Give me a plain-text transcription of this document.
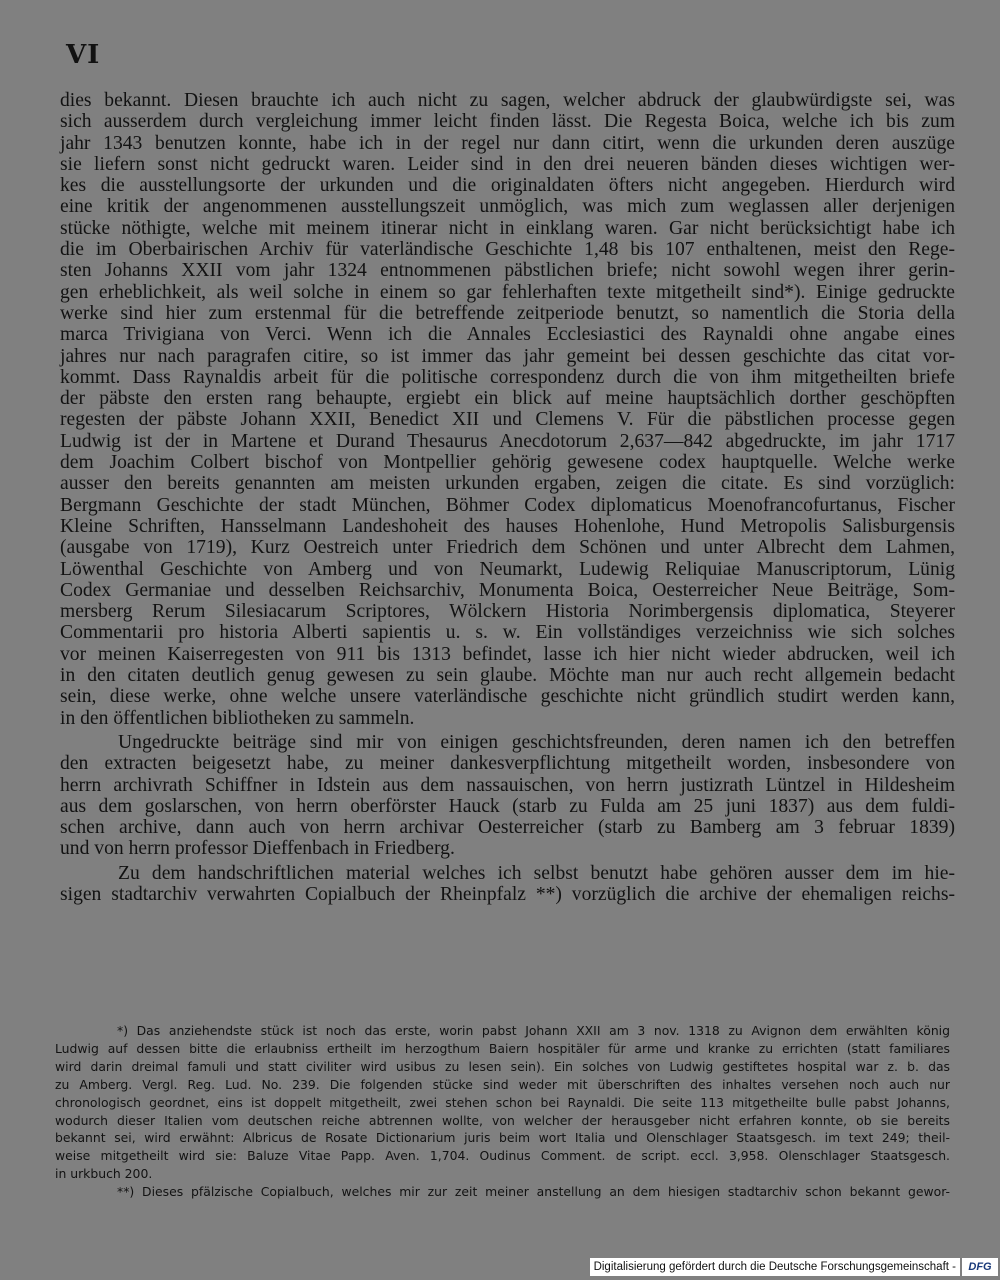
VI
dies bekannt. Diesen brauchte ich auch nicht zu sagen, welcher abdruck der glaubwürdigste sei, was
sich ausserdem durch vergleichung immer leicht finden lässt. Die Regesta Boica, welche ich bis zum
jahr 1343 benutzen konnte, habe ich in der regel nur dann citirt, wenn die urkunden deren auszüge
sie liefern sonst nicht gedruckt waren. Leider sind in den drei neueren bänden dieses wichtigen wer-
kes die ausstellungsorte der urkunden und die originaldaten öfters nicht angegeben. Hierdurch wird
eine kritik der angenommenen ausstellungszeit unmöglich, was mich zum weglassen aller derjenigen
stücke nöthigte, welche mit meinem itinerar nicht in einklang waren. Gar nicht berücksichtigt habe ich
die im Oberbairischen Archiv für vaterländische Geschichte 1,48 bis 107 enthaltenen, meist den Rege-
sten Johanns XXII vom jahr 1324 entnommenen päbstlichen briefe; nicht sowohl wegen ihrer gerin-
gen erheblichkeit, als weil solche in einem so gar fehlerhaften texte mitgetheilt sind*). Einige gedruckte
werke sind hier zum erstenmal für die betreffende zeitperiode benutzt, so namentlich die Storia della
marca Trivigiana von Verci. Wenn ich die Annales Ecclesiastici des Raynaldi ohne angabe eines
jahres nur nach paragrafen citire, so ist immer das jahr gemeint bei dessen geschichte das citat vor-
kommt. Dass Raynaldis arbeit für die politische correspondenz durch die von ihm mitgetheilten briefe
der päbste den ersten rang behaupte, ergiebt ein blick auf meine hauptsächlich dorther geschöpften
regesten der päbste Johann XXII, Benedict XII und Clemens V. Für die päbstlichen processe gegen
Ludwig ist der in Martene et Durand Thesaurus Anecdotorum 2,637—842 abgedruckte, im jahr 1717
dem Joachim Colbert bischof von Montpellier gehörig gewesene codex hauptquelle. Welche werke
ausser den bereits genannten am meisten urkunden ergaben, zeigen die citate. Es sind vorzüglich:
Bergmann Geschichte der stadt München, Böhmer Codex diplomaticus Moenofrancofurtanus, Fischer
Kleine Schriften, Hansselmann Landeshoheit des hauses Hohenlohe, Hund Metropolis Salisburgensis
(ausgabe von 1719), Kurz Oestreich unter Friedrich dem Schönen und unter Albrecht dem Lahmen,
Löwenthal Geschichte von Amberg und von Neumarkt, Ludewig Reliquiae Manuscriptorum, Lünig
Codex Germaniae und desselben Reichsarchiv, Monumenta Boica, Oesterreicher Neue Beiträge, Som-
mersberg Rerum Silesiacarum Scriptores, Wölckern Historia Norimbergensis diplomatica, Steyerer
Commentarii pro historia Alberti sapientis u. s. w. Ein vollständiges verzeichniss wie sich solches
vor meinen Kaiserregesten von 911 bis 1313 befindet, lasse ich hier nicht wieder abdrucken, weil ich
in den citaten deutlich genug gewesen zu sein glaube. Möchte man nur auch recht allgemein bedacht
sein, diese werke, ohne welche unsere vaterländische geschichte nicht gründlich studirt werden kann,
in den öffentlichen bibliotheken zu sammeln.
Ungedruckte beiträge sind mir von einigen geschichtsfreunden, deren namen ich den betreffen
den extracten beigesetzt habe, zu meiner dankesverpflichtung mitgetheilt worden, insbesondere von
herrn archivrath Schiffner in Idstein aus dem nassauischen, von herrn justizrath Lüntzel in Hildesheim
aus dem goslarschen, von herrn oberförster Hauck (starb zu Fulda am 25 juni 1837) aus dem fuldi-
schen archive, dann auch von herrn archivar Oesterreicher (starb zu Bamberg am 3 februar 1839)
und von herrn professor Dieffenbach in Friedberg.
Zu dem handschriftlichen material welches ich selbst benutzt habe gehören ausser dem im hie-
sigen stadtarchiv verwahrten Copialbuch der Rheinpfalz **) vorzüglich die archive der ehemaligen reichs-
*) Das anziehendste stück ist noch das erste, worin pabst Johann XXII am 3 nov. 1318 zu Avignon dem erwählten könig
Ludwig auf dessen bitte die erlaubniss ertheilt im herzogthum Baiern hospitäler für arme und kranke zu errichten (statt familiares
wird darin dreimal famuli und statt civiliter wird usibus zu lesen sein). Ein solches von Ludwig gestiftetes hospital war z. b. das
zu Amberg. Vergl. Reg. Lud. No. 239. Die folgenden stücke sind weder mit überschriften des inhaltes versehen noch auch nur
chronologisch geordnet, eins ist doppelt mitgetheilt, zwei stehen schon bei Raynaldi. Die seite 113 mitgetheilte bulle pabst Johanns,
wodurch dieser Italien vom deutschen reiche abtrennen wollte, von welcher der herausgeber nicht erfahren konnte, ob sie bereits
bekannt sei, wird erwähnt: Albricus de Rosate Dictionarium juris beim wort Italia und Olenschlager Staatsgesch. im text 249; theil-
weise mitgetheilt wird sie: Baluze Vitae Papp. Aven. 1,704. Oudinus Comment. de script. eccl. 3,958. Olenschlager Staatsgesch.
in urkbuch 200.
**) Dieses pfälzische Copialbuch, welches mir zur zeit meiner anstellung an dem hiesigen stadtarchiv schon bekannt gewor-
Digitalisierung gefördert durch die Deutsche Forschungsgemeinschaft -	DFG
